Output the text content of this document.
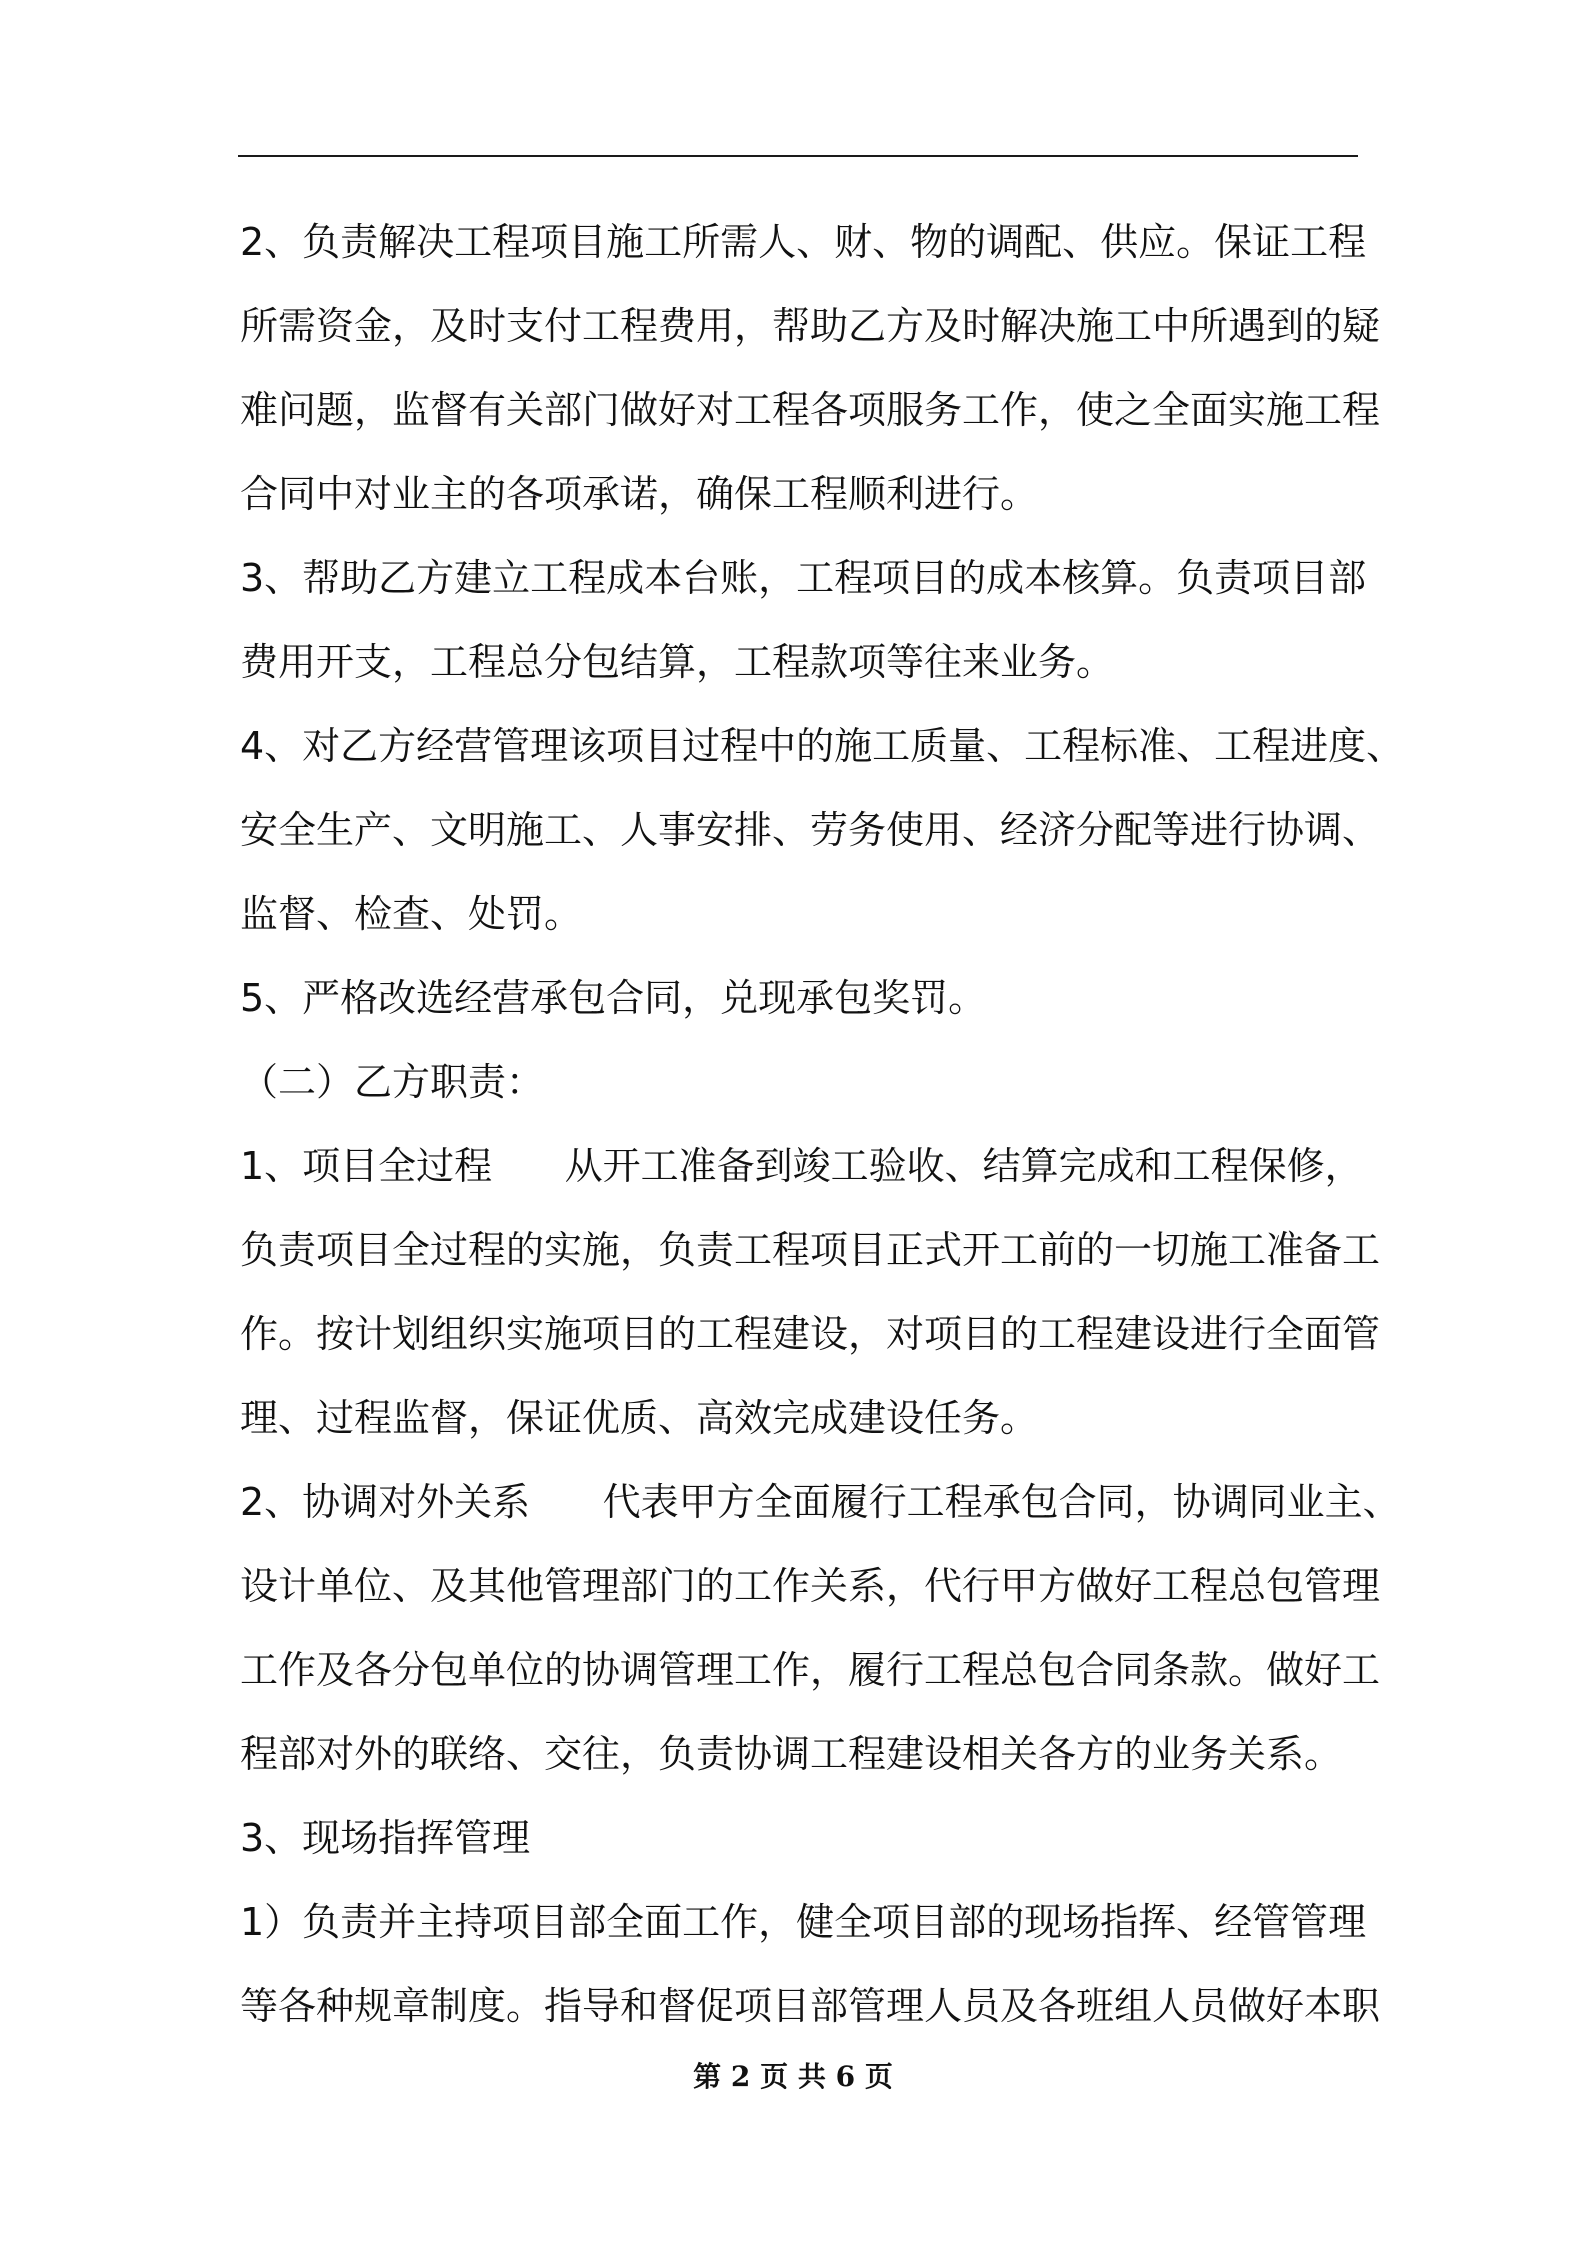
2、负责解决工程项目施工所需人、财、物的调配、供应。保证工程
所需资金，及时支付工程费用，帮助乙方及时解决施工中所遇到的疑
难问题，监督有关部门做好对工程各项服务工作，使之全面实施工程
合同中对业主的各项承诺，确保工程顺利进行。
3、帮助乙方建立工程成本台账，工程项目的成本核算。负责项目部
费用开支，工程总分包结算，工程款项等往来业务。
4、对乙方经营管理该项目过程中的施工质量、工程标准、工程进度、
安全生产、文明施工、人事安排、劳务使用、经济分配等进行协调、
监督、检查、处罚。
5、严格改选经营承包合同，兑现承包奖罚。
（二）乙方职责：
1、项目全过程      从开工准备到竣工验收、结算完成和工程保修，
负责项目全过程的实施，负责工程项目正式开工前的一切施工准备工
作。按计划组织实施项目的工程建设，对项目的工程建设进行全面管
理、过程监督，保证优质、高效完成建设任务。
2、协调对外关系      代表甲方全面履行工程承包合同，协调同业主、
设计单位、及其他管理部门的工作关系，代行甲方做好工程总包管理
工作及各分包单位的协调管理工作，履行工程总包合同条款。做好工
程部对外的联络、交往，负责协调工程建设相关各方的业务关系。
3、现场指挥管理
1）负责并主持项目部全面工作，健全项目部的现场指挥、经管管理
等各种规章制度。指导和督促项目部管理人员及各班组人员做好本职
第 2 页 共 6 页
